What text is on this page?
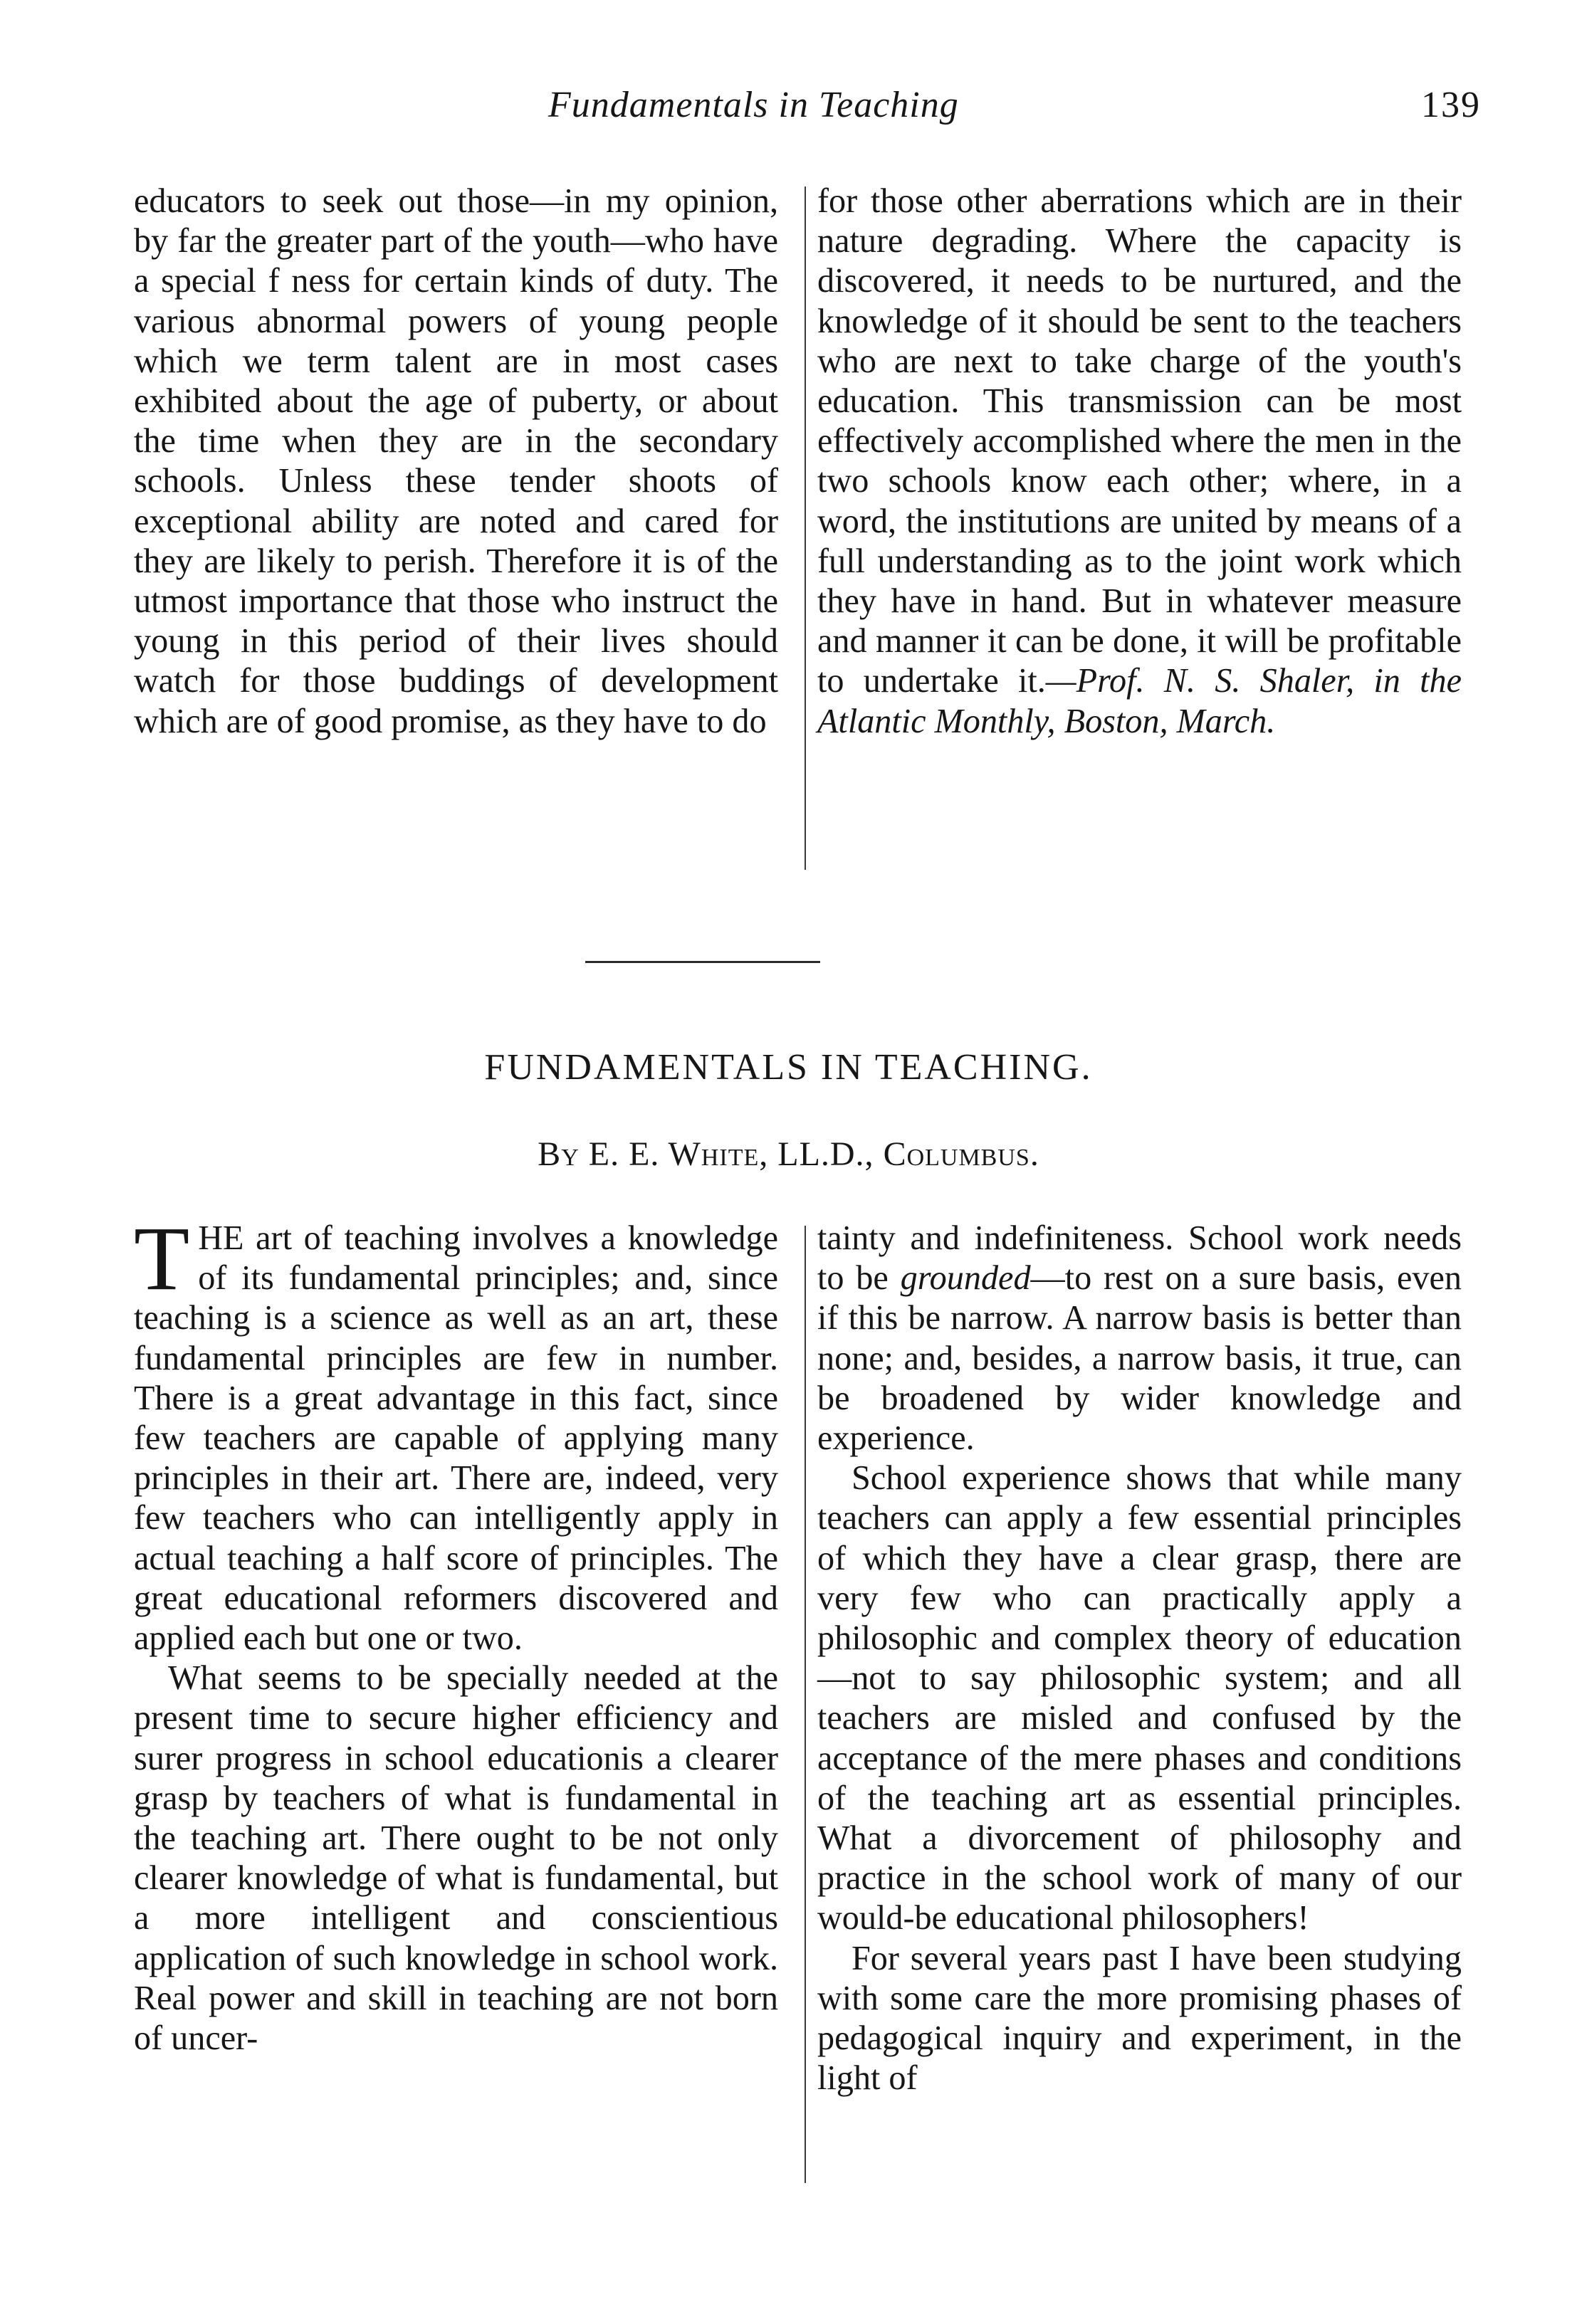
Fundamentals in Teaching	139

educators to seek out those—in my opinion, by far the greater part of the youth—who have a special f ness for certain kinds of duty. The various abnormal powers of young people which we term talent are in most cases exhibited about the age of puberty, or about the time when they are in the secondary schools. Unless these tender shoots of exceptional ability are noted and cared for they are likely to perish. Therefore it is of the utmost importance that those who instruct the young in this period of their lives should watch for those buddings of development which are of good promise, as they have to do

for those other aberrations which are in their nature degrading. Where the capacity is discovered, it needs to be nurtured, and the knowledge of it should be sent to the teachers who are next to take charge of the youth's education. This transmission can be most effectively accomplished where the men in the two schools know each other; where, in a word, the institutions are united by means of a full understanding as to the joint work which they have in hand. But in whatever measure and manner it can be done, it will be profitable to undertake it.—Prof. N. S. Shaler, in the Atlantic Monthly, Boston, March.

FUNDAMENTALS IN TEACHING.
By E. E. White, LL.D., Columbus.

THE art of teaching involves a knowledge of its fundamental principles; and, since teaching is a science as well as an art, these fundamental principles are few in number. There is a great advantage in this fact, since few teachers are capable of applying many principles in their art. There are, indeed, very few teachers who can intelligently apply in actual teaching a half score of principles. The great educational reformers discovered and applied each but one or two.

What seems to be specially needed at the present time to secure higher efficiency and surer progress in school educationis a clearer grasp by teachers of what is fundamental in the teaching art. There ought to be not only clearer knowledge of what is fundamental, but a more intelligent and conscientious application of such knowledge in school work. Real power and skill in teaching are not born of uncer-

tainty and indefiniteness. School work needs to be grounded—to rest on a sure basis, even if this be narrow. A narrow basis is better than none; and, besides, a narrow basis, it true, can be broadened by wider knowledge and experience.

School experience shows that while many teachers can apply a few essential principles of which they have a clear grasp, there are very few who can practically apply a philosophic and complex theory of education—not to say philosophic system; and all teachers are misled and confused by the acceptance of the mere phases and conditions of the teaching art as essential principles. What a divorcement of philosophy and practice in the school work of many of our would-be educational philosophers!

For several years past I have been studying with some care the more promising phases of pedagogical inquiry and experiment, in the light of
